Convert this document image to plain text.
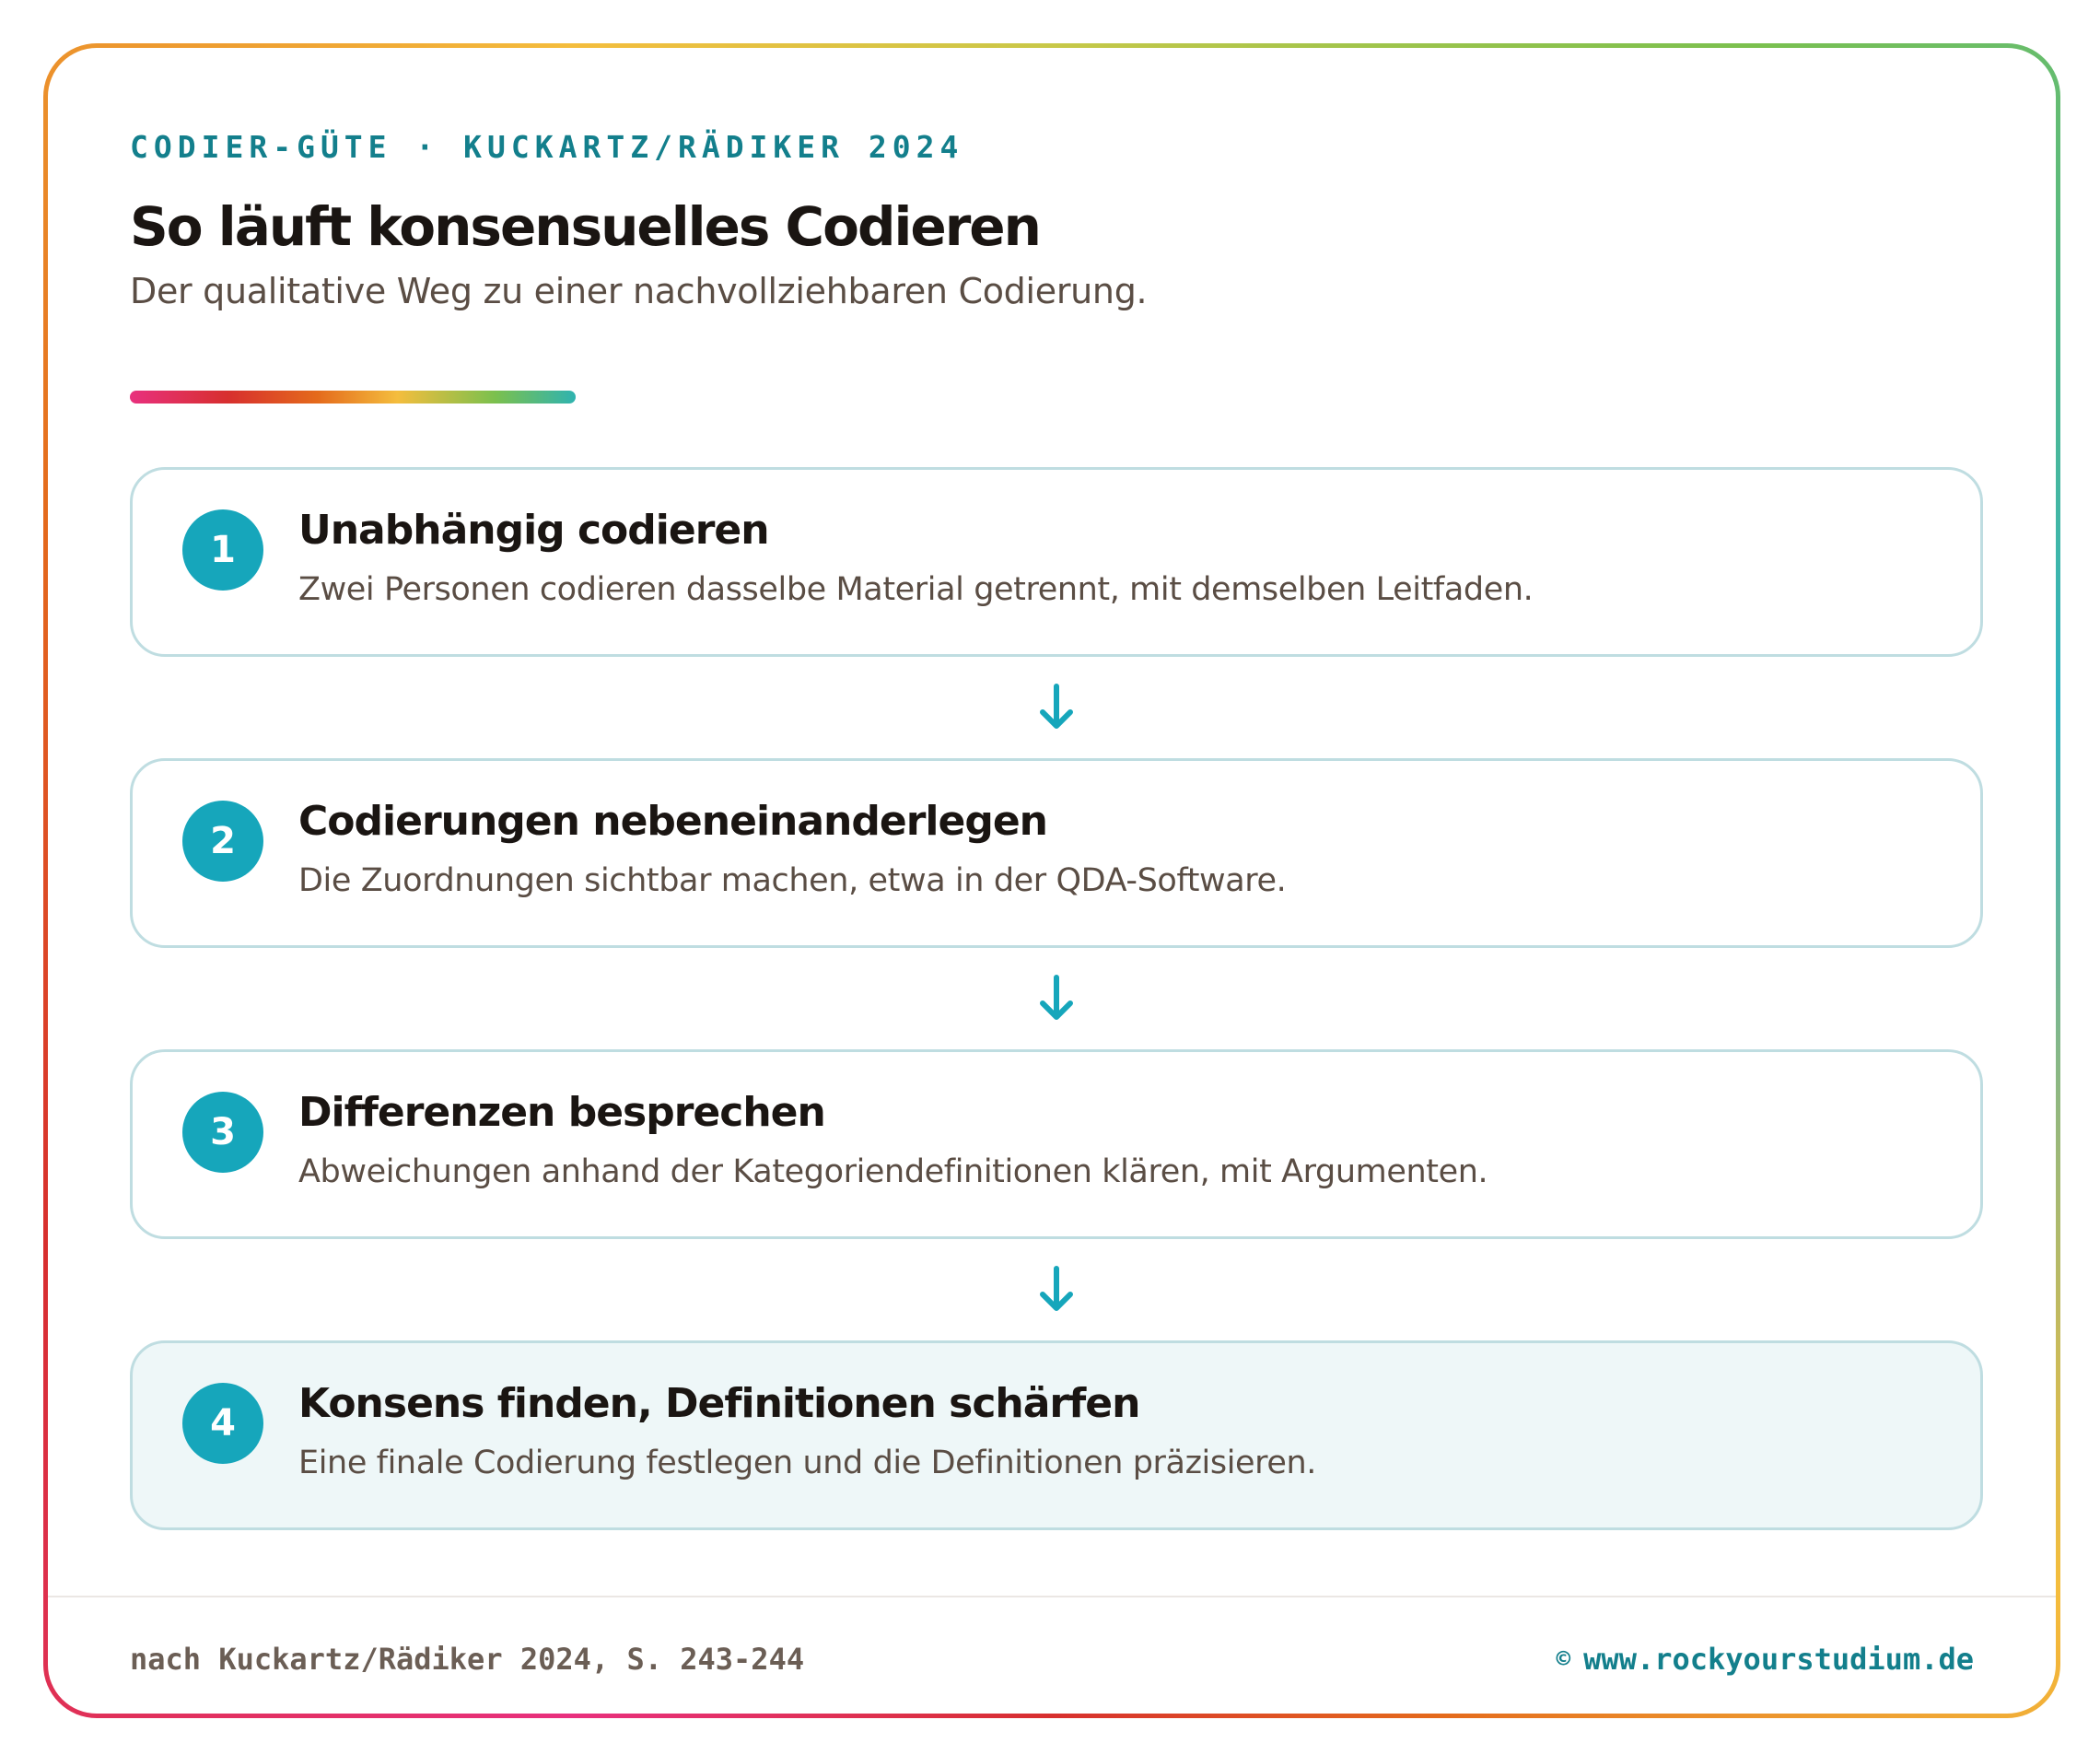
CODIER-GÜTE · KUCKARTZ/RÄDIKER 2024
So läuft konsensuelles Codieren
Der qualitative Weg zu einer nachvollziehbaren Codierung.
1	Unabhängig codieren
Zwei Personen codieren dasselbe Material getrennt, mit demselben Leitfaden.
2	Codierungen nebeneinanderlegen
Die Zuordnungen sichtbar machen, etwa in der QDA-Software.
3	Differenzen besprechen
Abweichungen anhand der Kategoriendefinitionen klären, mit Argumenten.
4	Konsens finden, Definitionen schärfen
Eine finale Codierung festlegen und die Definitionen präzisieren.
nach Kuckartz/Rädiker 2024, S. 243-244	© www.rockyourstudium.de
